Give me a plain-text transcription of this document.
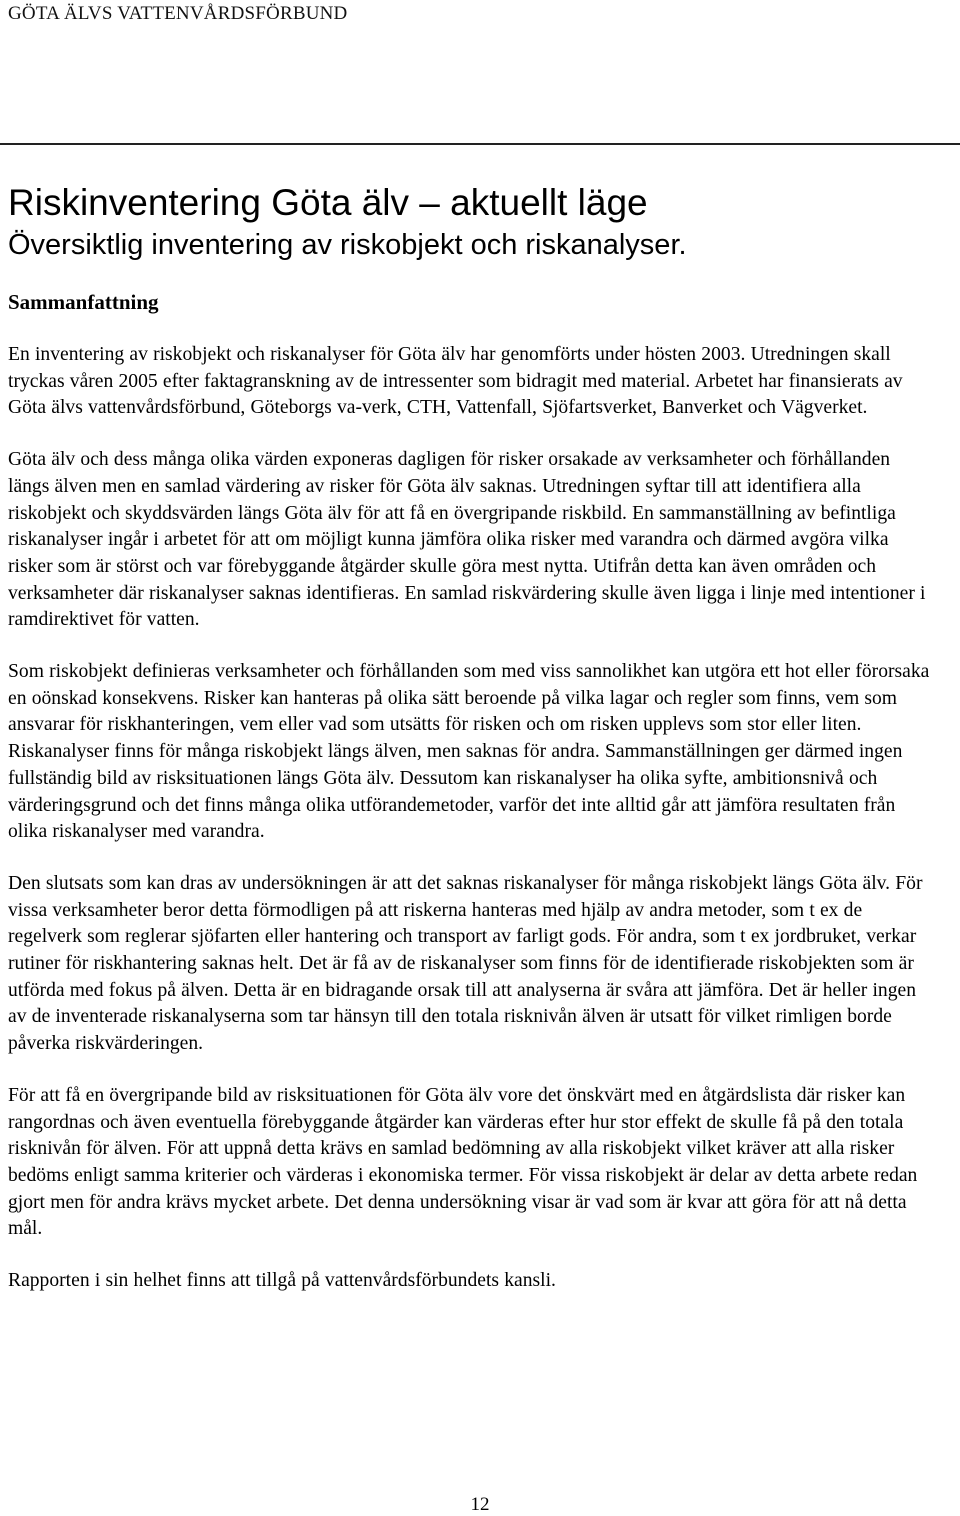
GÖTA ÄLVS VATTENVÅRDSFÖRBUND
Riskinventering Göta älv – aktuellt läge
Översiktlig inventering av riskobjekt och riskanalyser.
Sammanfattning

En inventering av riskobjekt och riskanalyser för Göta älv har genomförts under hösten 2003. Utredningen skall tryckas våren 2005 efter faktagranskning av de intressenter som bidragit med material. Arbetet har finansierats av Göta älvs vattenvårdsförbund, Göteborgs va-verk, CTH, Vattenfall, Sjöfartsverket, Banverket och Vägverket.

Göta älv och dess många olika värden exponeras dagligen för risker orsakade av verksamheter och förhållanden längs älven men en samlad värdering av risker för Göta älv saknas. Utredningen syftar till att identifiera alla riskobjekt och skyddsvärden längs Göta älv för att få en övergripande riskbild. En sammanställning av befintliga riskanalyser ingår i arbetet för att om möjligt kunna jämföra olika risker med varandra och därmed avgöra vilka risker som är störst och var förebyggande åtgärder skulle göra mest nytta. Utifrån detta kan även områden och verksamheter där riskanalyser saknas identifieras. En samlad riskvärdering skulle även ligga i linje med intentioner i ramdirektivet för vatten.

Som riskobjekt definieras verksamheter och förhållanden som med viss sannolikhet kan utgöra ett hot eller förorsaka en oönskad konsekvens. Risker kan hanteras på olika sätt beroende på vilka lagar och regler som finns, vem som ansvarar för riskhanteringen, vem eller vad som utsätts för risken och om risken upplevs som stor eller liten. Riskanalyser finns för många riskobjekt längs älven, men saknas för andra. Sammanställningen ger därmed ingen fullständig bild av risksituationen längs Göta älv. Dessutom kan riskanalyser ha olika syfte, ambitionsnivå och värderingsgrund och det finns många olika utförandemetoder, varför det inte alltid går att jämföra resultaten från olika riskanalyser med varandra.

Den slutsats som kan dras av undersökningen är att det saknas riskanalyser för många riskobjekt längs Göta älv. För vissa verksamheter beror detta förmodligen på att riskerna hanteras med hjälp av andra metoder, som t ex de regelverk som reglerar sjöfarten eller hantering och transport av farligt gods. För andra, som t ex jordbruket, verkar rutiner för riskhantering saknas helt. Det är få av de riskanalyser som finns för de identifierade riskobjekten som är utförda med fokus på älven. Detta är en bidragande orsak till att analyserna är svåra att jämföra. Det är heller ingen av de inventerade riskanalyserna som tar hänsyn till den totala risknivån älven är utsatt för vilket rimligen borde påverka riskvärderingen.

För att få en övergripande bild av risksituationen för Göta älv vore det önskvärt med en åtgärdslista där risker kan rangordnas och även eventuella förebyggande åtgärder kan värderas efter hur stor effekt de skulle få på den totala risknivån för älven. För att uppnå detta krävs en samlad bedömning av alla riskobjekt vilket kräver att alla risker bedöms enligt samma kriterier och värderas i ekonomiska termer. För vissa riskobjekt är delar av detta arbete redan gjort men för andra krävs mycket arbete. Det denna undersökning visar är vad som är kvar att göra för att nå detta mål.

Rapporten i sin helhet finns att tillgå på vattenvårdsförbundets kansli.

12
